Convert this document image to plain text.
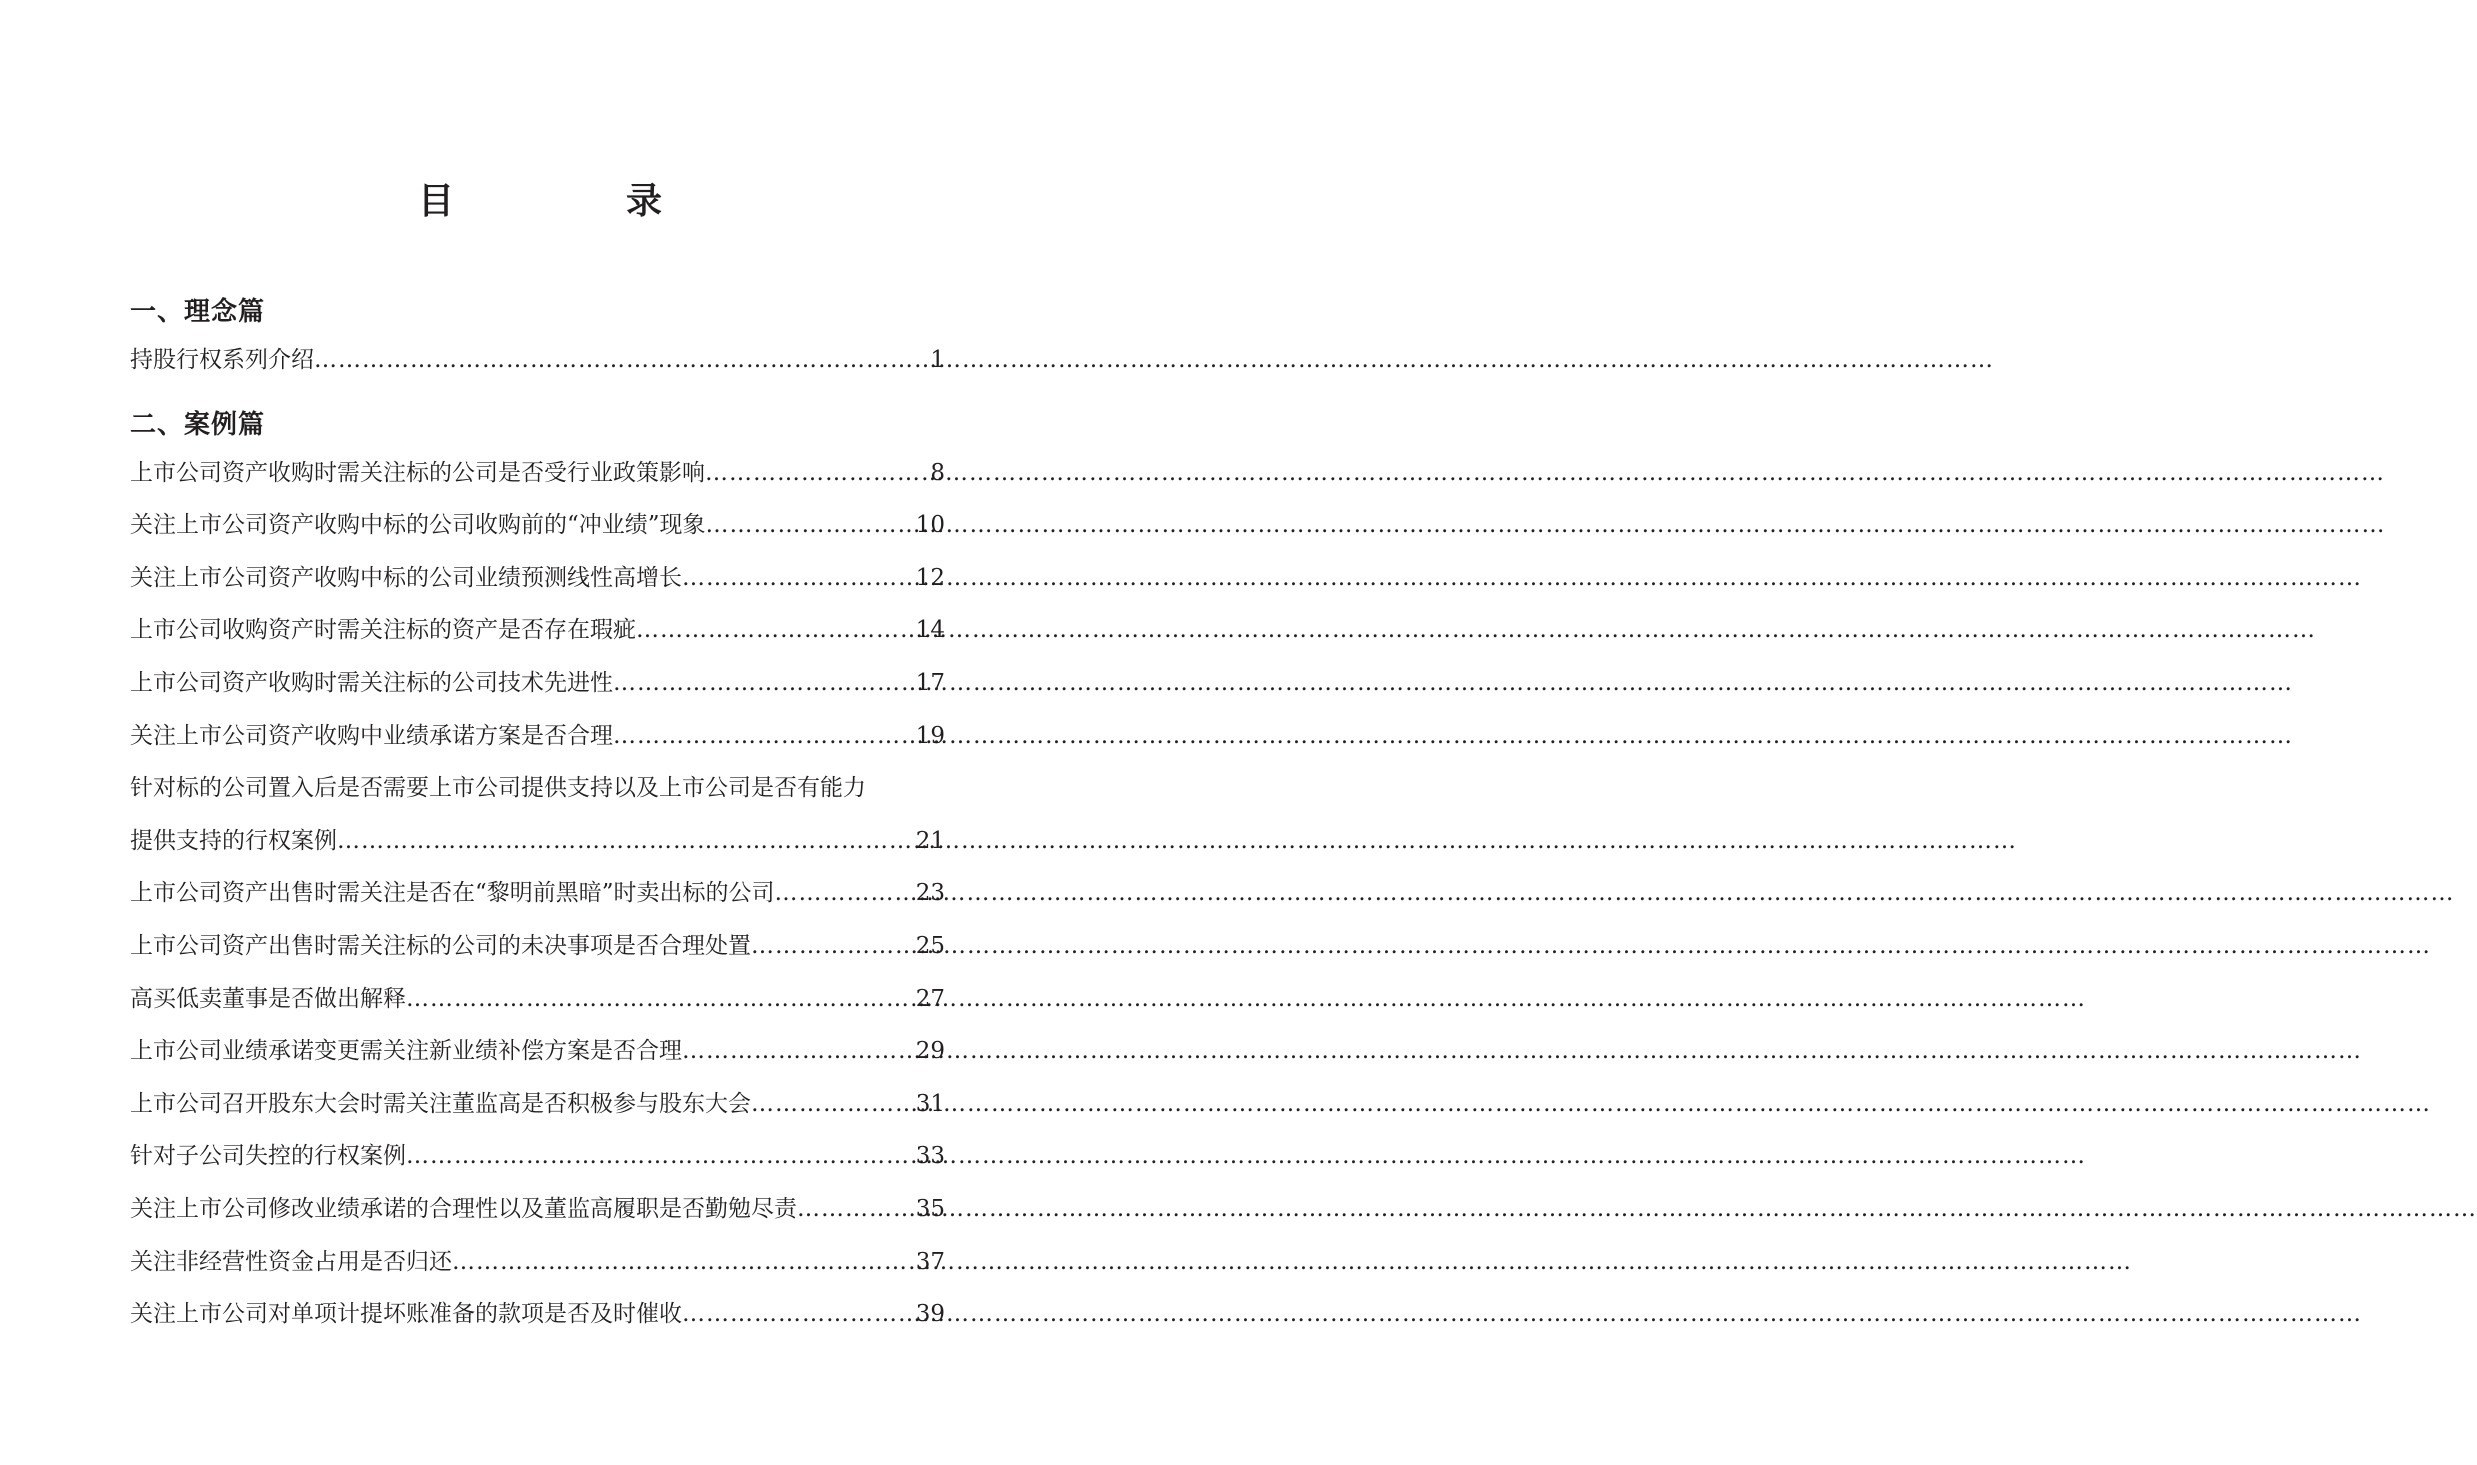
目　录
一、理念篇
持股行权系列介绍 …………………………………………………………………………………………………………………………………………………………………………………………	1
二、案例篇
上市公司资产收购时需关注标的公司是否受行业政策影响 …………………………………………………………………………………………………………………………………………………………………………………………	8
关注上市公司资产收购中标的公司收购前的“冲业绩”现象 …………………………………………………………………………………………………………………………………………………………………………………………	10
关注上市公司资产收购中标的公司业绩预测线性高增长 …………………………………………………………………………………………………………………………………………………………………………………………	12
上市公司收购资产时需关注标的资产是否存在瑕疵 …………………………………………………………………………………………………………………………………………………………………………………………	14
上市公司资产收购时需关注标的公司技术先进性 …………………………………………………………………………………………………………………………………………………………………………………………	17
关注上市公司资产收购中业绩承诺方案是否合理 …………………………………………………………………………………………………………………………………………………………………………………………	19
针对标的公司置入后是否需要上市公司提供支持以及上市公司是否有能力
提供支持的行权案例 …………………………………………………………………………………………………………………………………………………………………………………………	21
上市公司资产出售时需关注是否在“黎明前黑暗”时卖出标的公司 …………………………………………………………………………………………………………………………………………………………………………………………	23
上市公司资产出售时需关注标的公司的未决事项是否合理处置 …………………………………………………………………………………………………………………………………………………………………………………………	25
高买低卖董事是否做出解释 …………………………………………………………………………………………………………………………………………………………………………………………	27
上市公司业绩承诺变更需关注新业绩补偿方案是否合理 …………………………………………………………………………………………………………………………………………………………………………………………	29
上市公司召开股东大会时需关注董监高是否积极参与股东大会 …………………………………………………………………………………………………………………………………………………………………………………………	31
针对子公司失控的行权案例 …………………………………………………………………………………………………………………………………………………………………………………………	33
关注上市公司修改业绩承诺的合理性以及董监高履职是否勤勉尽责 …………………………………………………………………………………………………………………………………………………………………………………………	35
关注非经营性资金占用是否归还 …………………………………………………………………………………………………………………………………………………………………………………………	37
关注上市公司对单项计提坏账准备的款项是否及时催收 …………………………………………………………………………………………………………………………………………………………………………………………	39
